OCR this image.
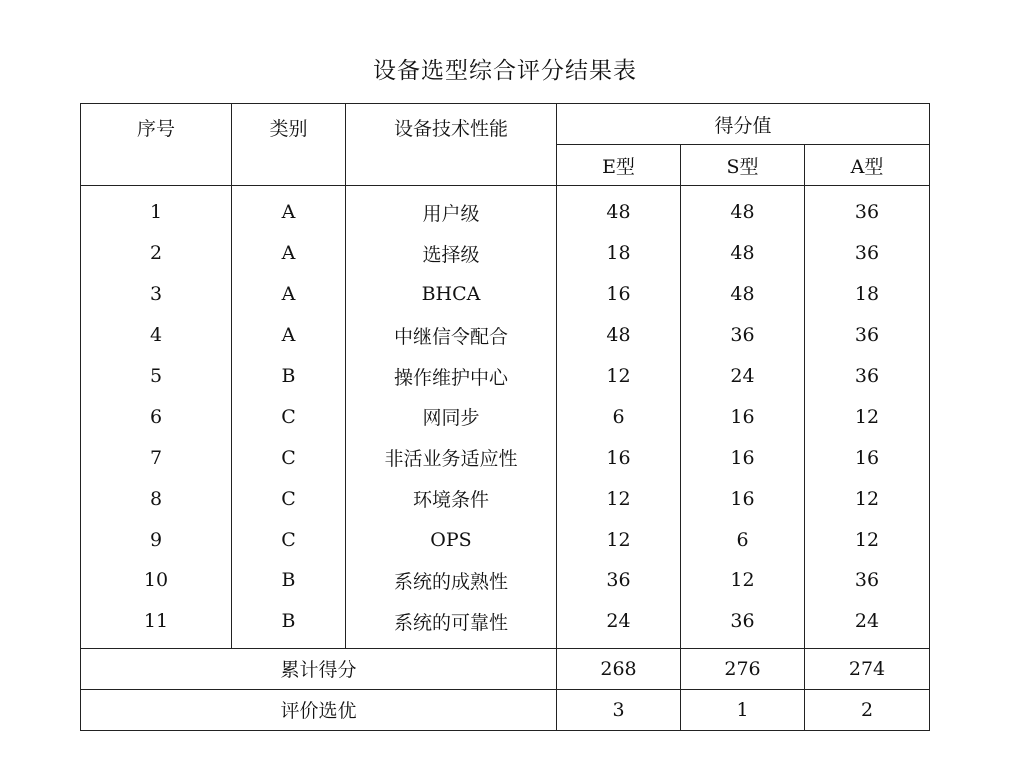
设备选型综合评分结果表
序号	类别	设备技术性能	得分值		
			E型	S型	A型
1	A	用户级	48	48	36
2	A	选择级	18	48	36
3	A	BHCA	16	48	18
4	A	中继信令配合	48	36	36
5	B	操作维护中心	12	24	36
6	C	网同步	6	16	12
7	C	非活业务适应性	16	16	16
8	C	环境条件	12	16	12
9	C	OPS	12	6	12
10	B	系统的成熟性	36	12	36
11	B	系统的可靠性	24	36	24
累计得分			268	276	274
评价选优			3	1	2
